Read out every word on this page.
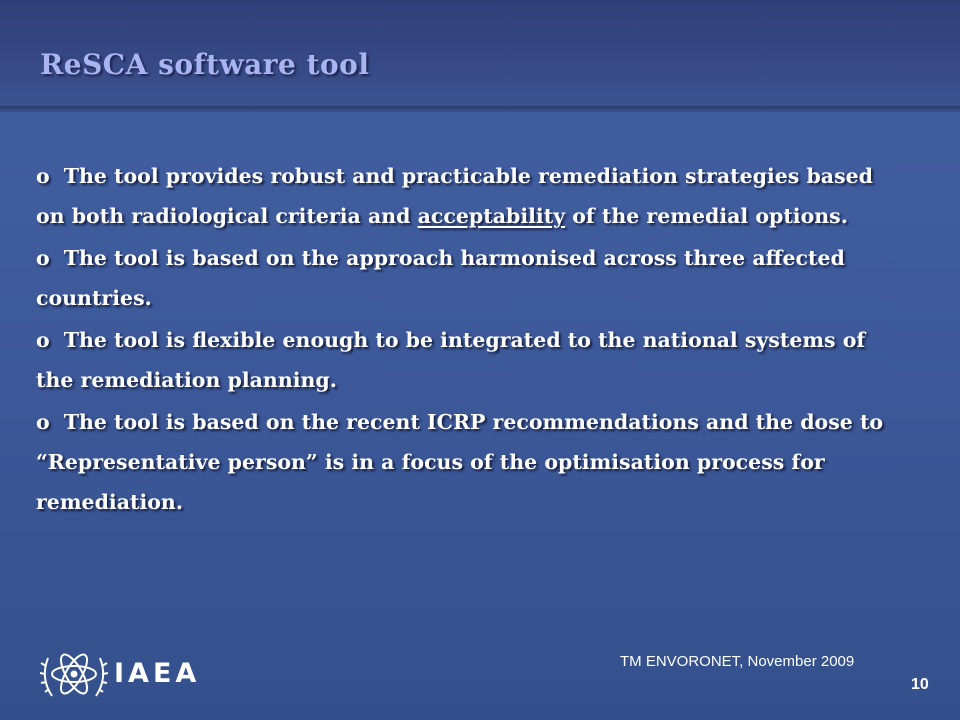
ReSCA software tool
o The tool provides robust and practicable remediation strategies based on both radiological criteria and acceptability of the remedial options.
o The tool is based on the approach harmonised across three affected countries.
o The tool is flexible enough to be integrated to the national systems of the remediation planning.
o The tool is based on the recent ICRP recommendations and the dose to “Representative person” is in a focus of the optimisation process for remediation.
IAEA	TM ENVORONET, November 2009
10
